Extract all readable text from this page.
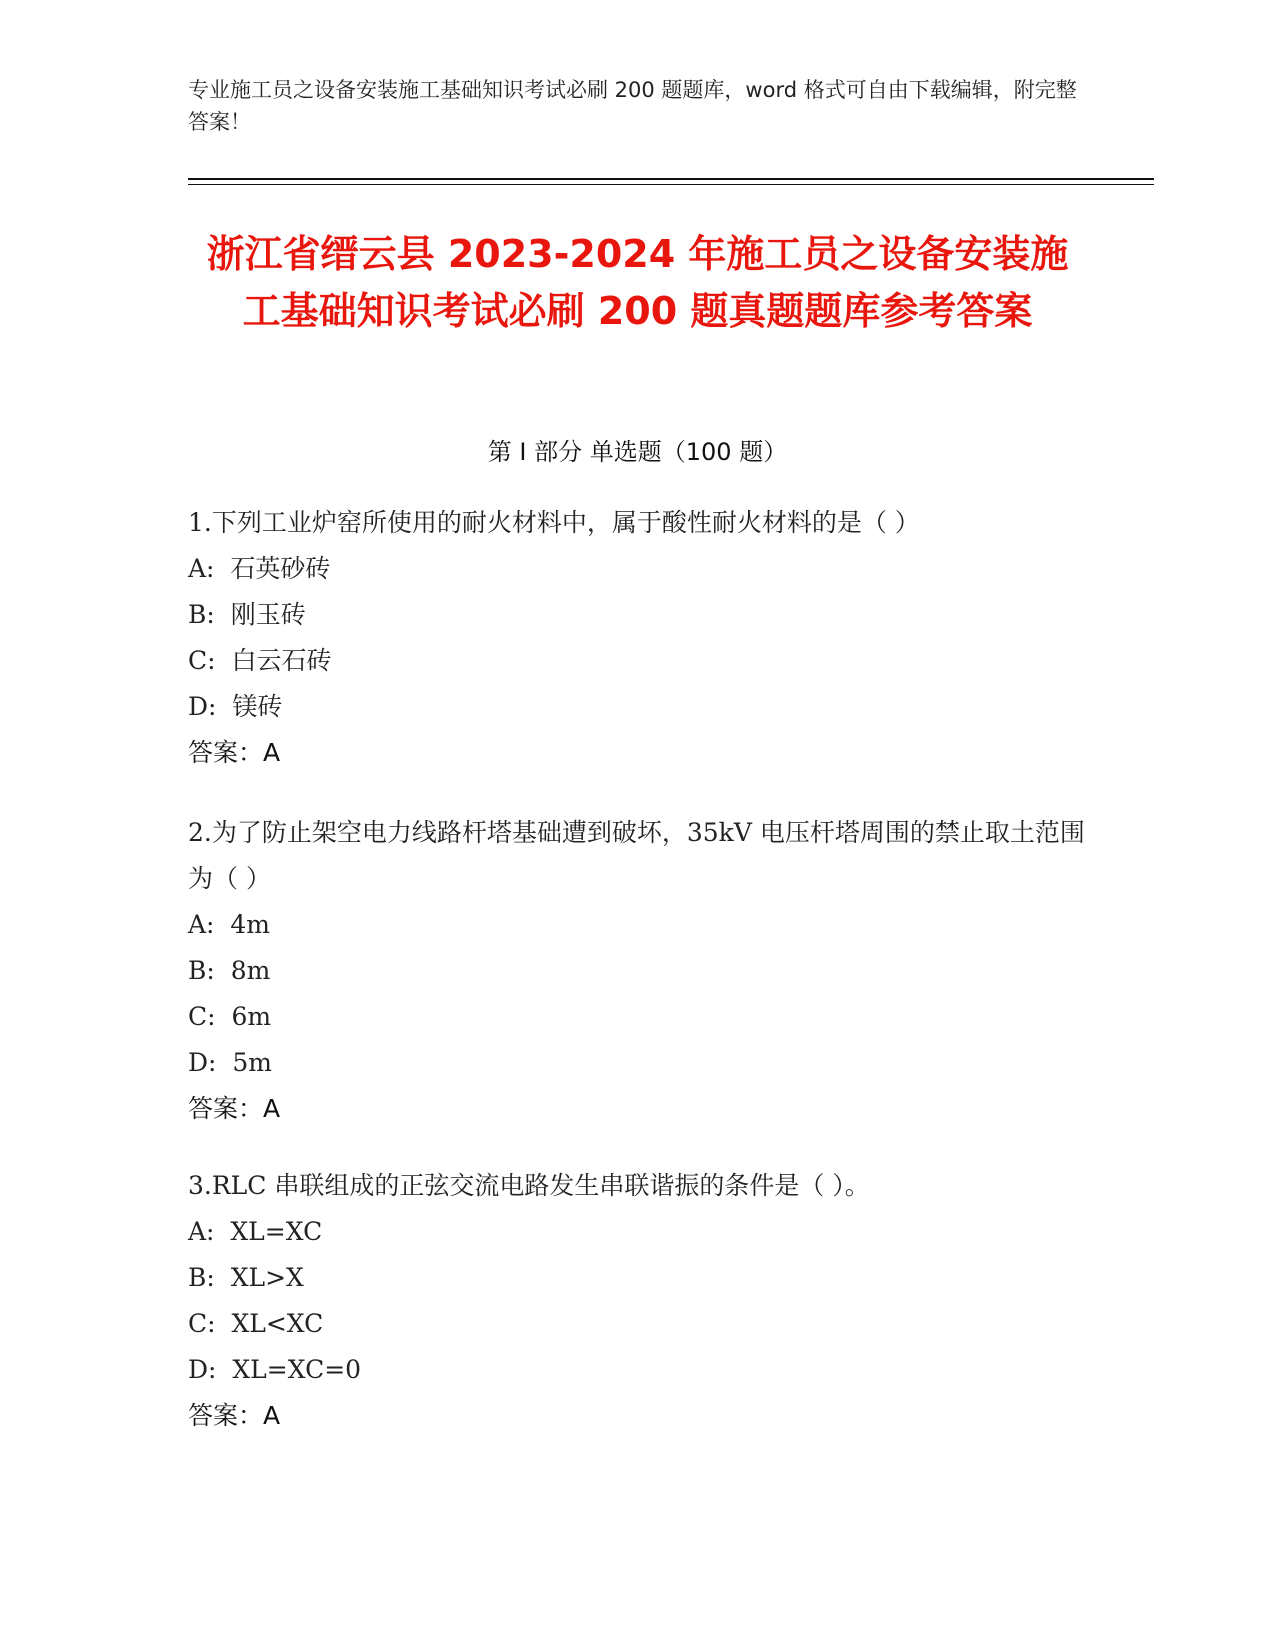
专业施工员之设备安装施工基础知识考试必刷 200 题题库，word 格式可自由下载编辑，附完整答案！
浙江省缙云县 2023-2024 年施工员之设备安装施工基础知识考试必刷 200 题真题题库参考答案
第 I 部分 单选题（100 题）

1.下列工业炉窑所使用的耐火材料中，属于酸性耐火材料的是（ ）

A:  石英砂砖

B:  刚玉砖

C:  白云石砖

D:  镁砖

答案：A

2.为了防止架空电力线路杆塔基础遭到破坏，35kV 电压杆塔周围的禁止取土范围为（ ）

A:  4m

B:  8m

C:  6m

D:  5m

答案：A

3.RLC 串联组成的正弦交流电路发生串联谐振的条件是（ ）。

A:  XL=XC

B:  XL>X

C:  XL<XC

D:  XL=XC=0

答案：A
